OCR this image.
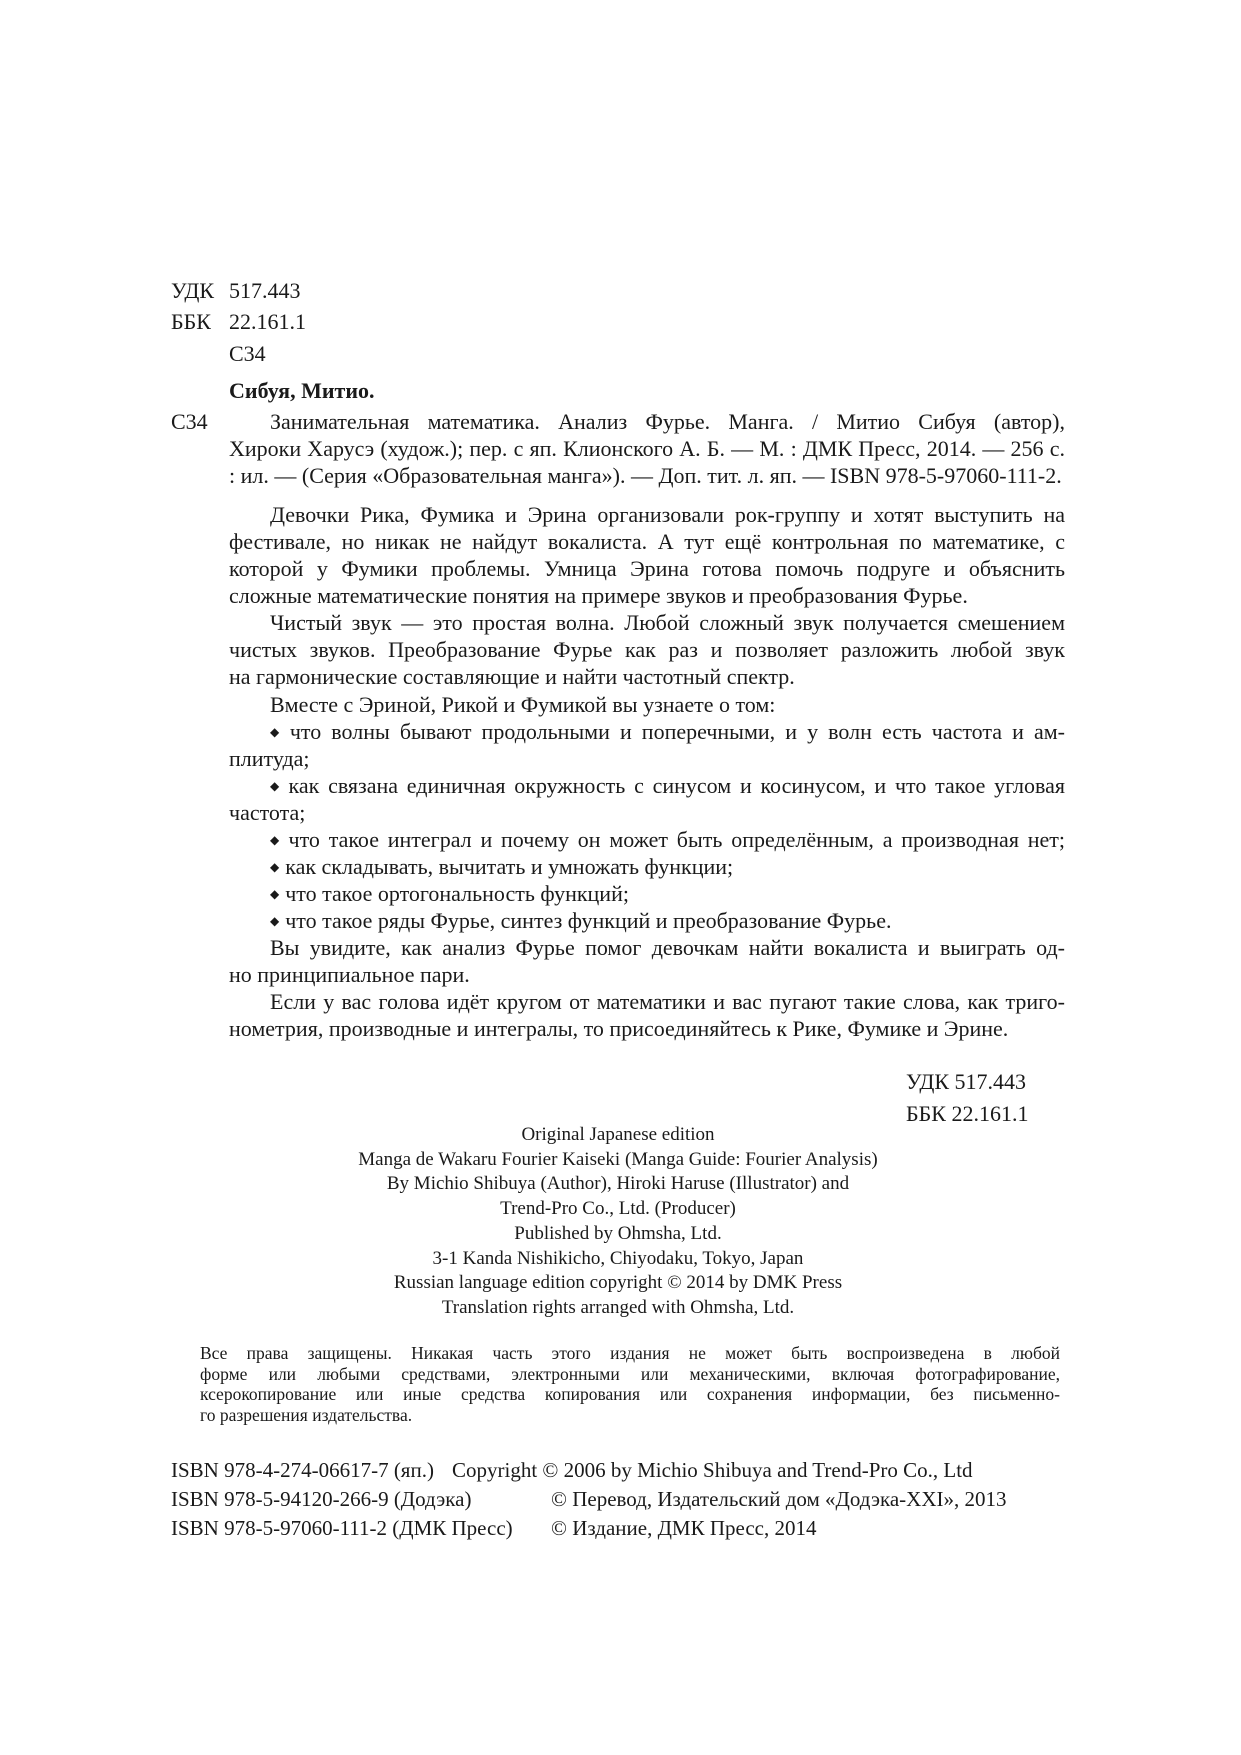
УДК 517.443
ББК 22.161.1
С34
Сибуя, Митио.
С34	Занимательная математика. Анализ Фурье. Манга. / Митио Сибуя (автор),
Хироки Харусэ (худож.); пер. с яп. Клионского А. Б. — М. : ДМК Пресс, 2014. — 256 с.
: ил. — (Серия «Образовательная манга»). — Доп. тит. л. яп. — ISBN 978-5-97060-111-2.
Девочки Рика, Фумика и Эрина организовали рок-группу и хотят выступить на
фестивале, но никак не найдут вокалиста. А тут ещё контрольная по математике, с
которой у Фумики проблемы. Умница Эрина готова помочь подруге и объяснить
сложные математические понятия на примере звуков и преобразования Фурье.
Чистый звук — это простая волна. Любой сложный звук получается смешением
чистых звуков. Преобразование Фурье как раз и позволяет разложить любой звук
на гармонические составляющие и найти частотный спектр.
Вместе с Эриной, Рикой и Фумикой вы узнаете о том:
◆ что волны бывают продольными и поперечными, и у волн есть частота и ам-
плитуда;
◆ как связана единичная окружность с синусом и косинусом, и что такое угловая
частота;
◆ что такое интеграл и почему он может быть определённым, а производная нет;
◆ как складывать, вычитать и умножать функции;
◆ что такое ортогональность функций;
◆ что такое ряды Фурье, синтез функций и преобразование Фурье.
Вы увидите, как анализ Фурье помог девочкам найти вокалиста и выиграть од-
но принципиальное пари.
Если у вас голова идёт кругом от математики и вас пугают такие слова, как триго-
нометрия, производные и интегралы, то присоединяйтесь к Рике, Фумике и Эрине.
УДК 517.443
ББК 22.161.1
Original Japanese edition
Manga de Wakaru Fourier Kaiseki (Manga Guide: Fourier Analysis)
By Michio Shibuya (Author), Hiroki Haruse (Illustrator) and
Trend-Pro Co., Ltd. (Producer)
Published by Ohmsha, Ltd.
3-1 Kanda Nishikicho, Chiyodaku, Tokyo, Japan
Russian language edition copyright © 2014 by DMK Press
Translation rights arranged with Ohmsha, Ltd.
Все права защищены. Никакая часть этого издания не может быть воспроизведена в любой
форме или любыми средствами, электронными или механическими, включая фотографирование,
ксерокопирование или иные средства копирования или сохранения информации, без письменно-
го разрешения издательства.
ISBN 978-4-274-06617-7 (яп.) Copyright © 2006 by Michio Shibuya and Trend-Pro Co., Ltd
ISBN 978-5-94120-266-9 (Додэка)	© Перевод, Издательский дом «Додэка-XXI», 2013
ISBN 978-5-97060-111-2 (ДМК Пресс) © Издание, ДМК Пресс, 2014
